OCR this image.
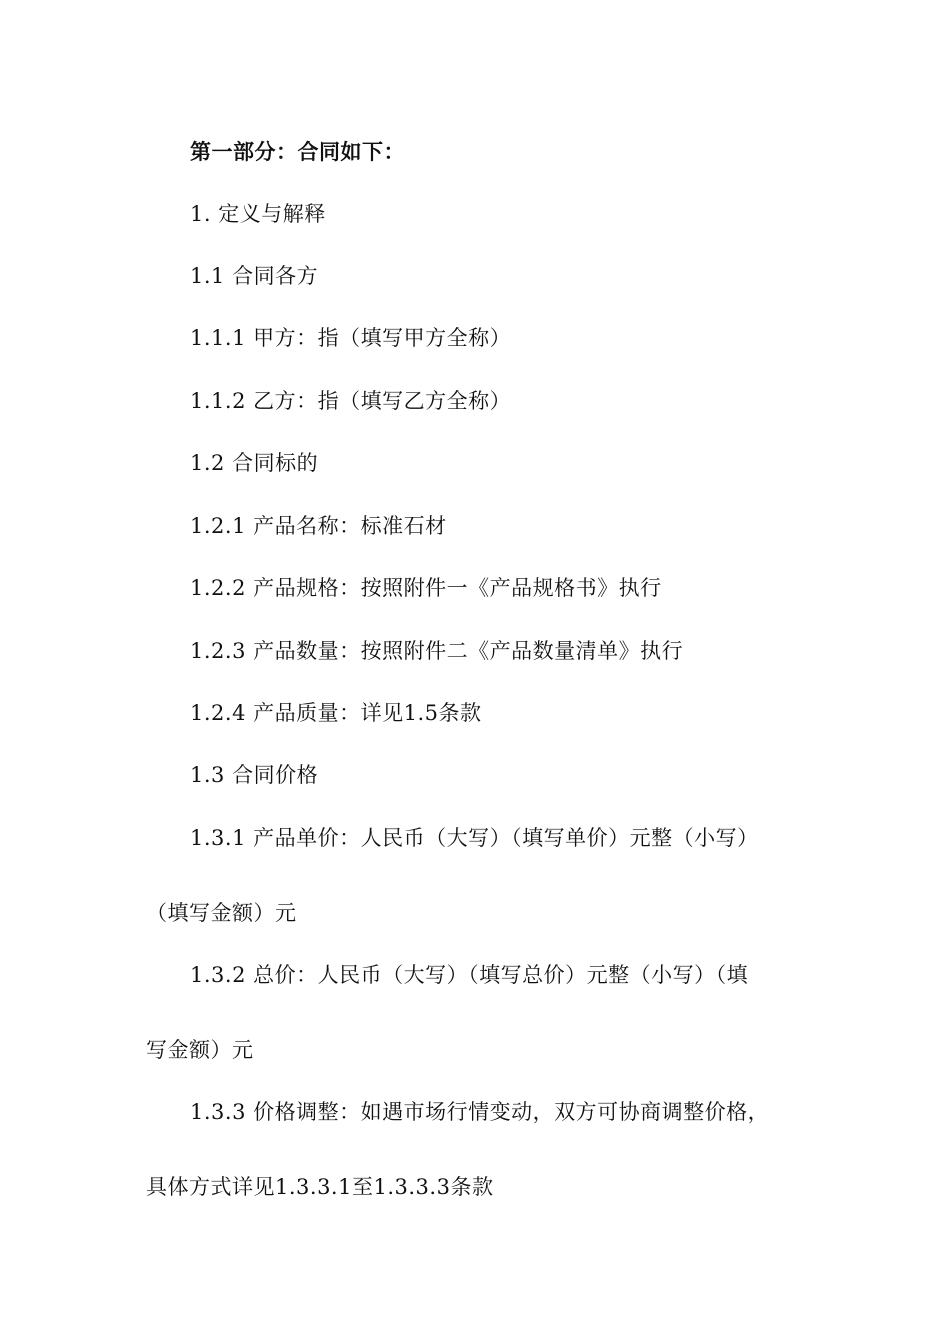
第一部分：合同如下：
1. 定义与解释
1.1 合同各方
1.1.1 甲方：指（填写甲方全称）
1.1.2 乙方：指（填写乙方全称）
1.2 合同标的
1.2.1 产品名称：标准石材
1.2.2 产品规格：按照附件一《产品规格书》执行
1.2.3 产品数量：按照附件二《产品数量清单》执行
1.2.4 产品质量：详见1.5条款
1.3 合同价格
1.3.1 产品单价：人民币（大写）（填写单价）元整（小写）
（填写金额）元
1.3.2 总价：人民币（大写）（填写总价）元整（小写）（填
写金额）元
1.3.3 价格调整：如遇市场行情变动，双方可协商调整价格，
具体方式详见1.3.3.1至1.3.3.3条款
